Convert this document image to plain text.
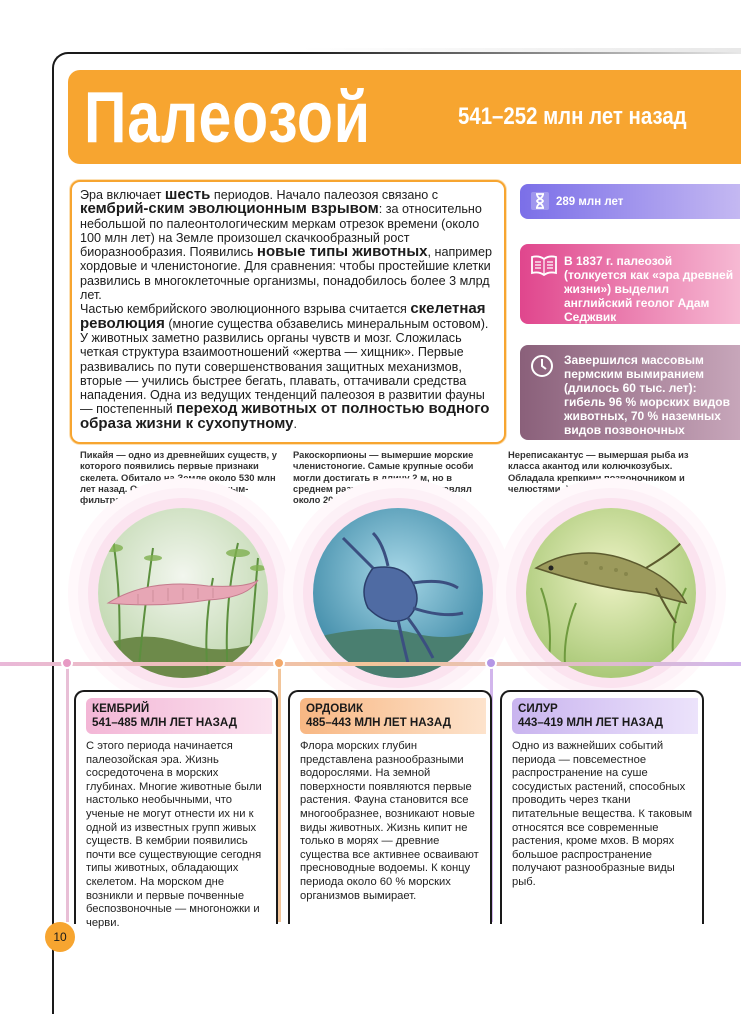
Палеозой	541–252 млн лет назад
Эра включает шесть периодов. Начало палеозоя связано с кембрий-ским эволюционным взрывом: за относительно небольшой по палеонтологическим меркам отрезок времени (около 100 млн лет) на Земле произошел скачкообразный рост биоразнообразия. Появились новые типы животных, например хордовые и членистоногие. Для сравнения: чтобы простейшие клетки развились в многоклеточные организмы, понадобилось более 3 млрд лет.
Частью кембрийского эволюционного взрыва считается скелетная революция (многие существа обзавелись минеральным остовом).
У животных заметно развились органы чувств и мозг. Сложилась четкая структура взаимоотношений «жертва — хищник». Первые развивались по пути совершенствования защитных механизмов, вторые — учились быстрее бегать, плавать, оттачивали средства нападения. Одна из ведущих тенденций палеозоя в развитии фауны — постепенный переход животных от полностью водного образа жизни к сухопутному.
289 млн лет
В 1837 г. палеозой (толкуется как «эра древней жизни») выделил английский геолог Адам Седжвик
Завершился массовым пермским вымиранием (длилось 60 тыс. лет): гибель 96 % морских видов животных, 70 % наземных видов позвоночных
Пикайя — одно из древнейших существ, у которого появились первые признаки скелета. Обитало на Земле около 530 млн лет назад. Относилось к животным-фильтраторам.
Ракоскорпионы — вымершие морские членистоногие. Самые крупные особи могли достигать в длину 2 м, но в среднем размер животного составлял около 20 см.
Нереписакантус — вымершая рыба из класса акантод или колючкозубых. Обладала крепкими позвоночником и челюстями. Хорошо плавала.
КЕМБРИЙ
541–485 МЛН ЛЕТ НАЗАД
С этого периода начинается палеозойская эра. Жизнь сосредоточена в морских глубинах. Многие животные были настолько необычными, что ученые не могут отнести их ни к одной из известных групп живых существ. В кембрии появились почти все существующие сегодня типы животных, обладающих скелетом. На морском дне возникли и первые почвенные беспозвоночные — многоножки и черви.
ОРДОВИК
485–443 МЛН ЛЕТ НАЗАД
Флора морских глубин представлена разнообразными водорослями. На земной поверхности появляются первые растения. Фауна становится все многообразнее, возникают новые виды животных. Жизнь кипит не только в морях — древние существа все активнее осваивают пресноводные водоемы. К концу периода около 60 % морских организмов вымирает.
СИЛУР
443–419 МЛН ЛЕТ НАЗАД
Одно из важнейших событий периода — повсеместное распространение на суше сосудистых растений, способных проводить через ткани питательные вещества. К таковым относятся все современные растения, кроме мхов. В морях большое распространение получают разнообразные виды рыб.
10
